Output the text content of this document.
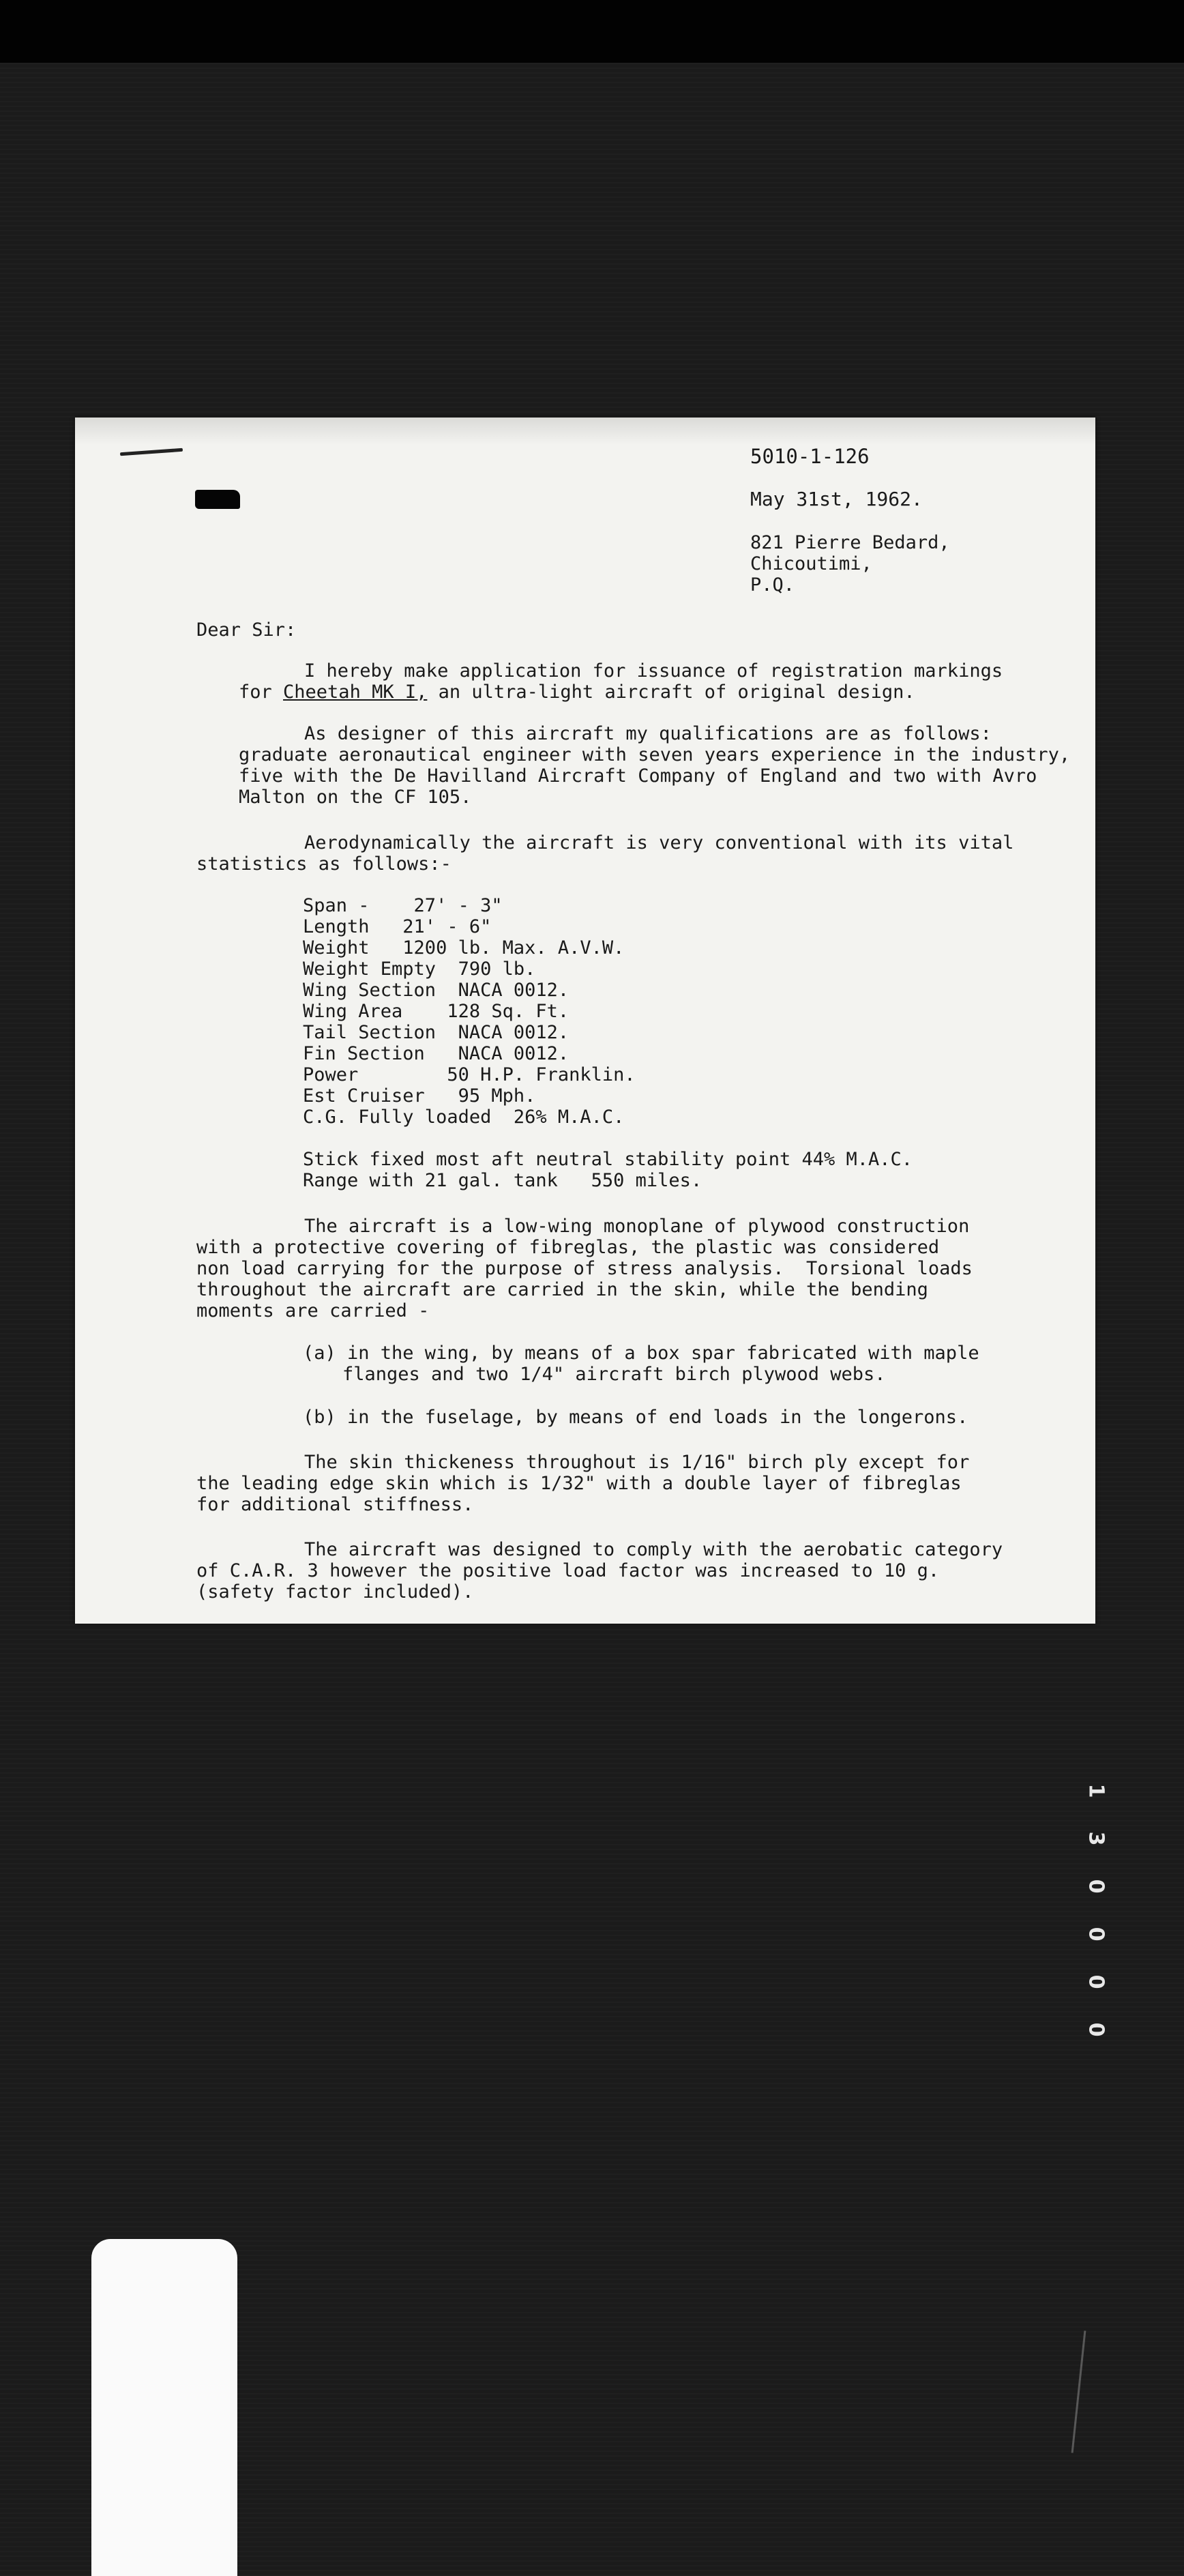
5010-1-126
May 31st, 1962.
821 Pierre Bedard,
Chicoutimi,
P.Q.
Dear Sir:
I hereby make application for issuance of registration markings
for Cheetah MK I, an ultra-light aircraft of original design.
As designer of this aircraft my qualifications are as follows:
graduate aeronautical engineer with seven years experience in the industry,
five with the De Havilland Aircraft Company of England and two with Avro
Malton on the CF 105.
Aerodynamically the aircraft is very conventional with its vital
statistics as follows:-
Span -    27' - 3"
Length   21' - 6"
Weight   1200 lb. Max. A.V.W.
Weight Empty  790 lb.
Wing Section  NACA 0012.
Wing Area    128 Sq. Ft.
Tail Section  NACA 0012.
Fin Section   NACA 0012.
Power        50 H.P. Franklin.
Est Cruiser   95 Mph.
C.G. Fully loaded  26% M.A.C.
Stick fixed most aft neutral stability point 44% M.A.C.
Range with 21 gal. tank   550 miles.
The aircraft is a low-wing monoplane of plywood construction
with a protective covering of fibreglas, the plastic was considered
non load carrying for the purpose of stress analysis.  Torsional loads
throughout the aircraft are carried in the skin, while the bending
moments are carried -
(a) in the wing, by means of a box spar fabricated with maple
flanges and two 1/4" aircraft birch plywood webs.
(b) in the fuselage, by means of end loads in the longerons.
The skin thickeness throughout is 1/16" birch ply except for
the leading edge skin which is 1/32" with a double layer of fibreglas
for additional stiffness.
The aircraft was designed to comply with the aerobatic category
of C.A.R. 3 however the positive load factor was increased to 10 g.
(safety factor included).
1
3
0
0
0
0
